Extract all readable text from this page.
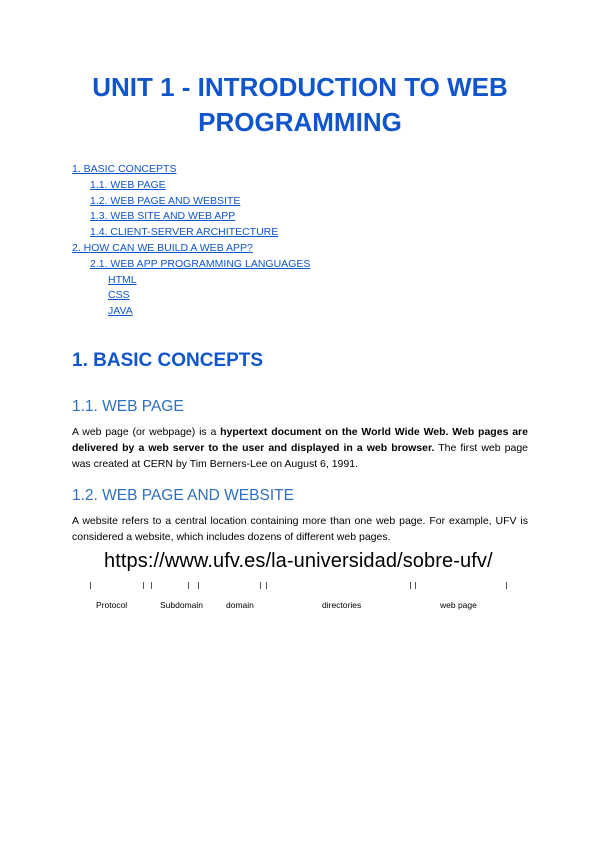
UNIT 1 - INTRODUCTION TO WEB PROGRAMMING
1. BASIC CONCEPTS
1.1. WEB PAGE
1.2. WEB PAGE AND WEBSITE
1.3. WEB SITE AND WEB APP
1.4. CLIENT-SERVER ARCHITECTURE
2. HOW CAN WE BUILD A WEB APP?
2.1. WEB APP PROGRAMMING LANGUAGES
HTML
CSS
JAVA
1. BASIC CONCEPTS
1.1. WEB PAGE

A web page (or webpage) is a hypertext document on the World Wide Web. Web pages are delivered by a web server to the user and displayed in a web browser. The first web page was created at CERN by Tim Berners-Lee on August 6, 1991.

1.2. WEB PAGE AND WEBSITE

A website refers to a central location containing more than one web page. For example, UFV is considered a website, which includes dozens of different web pages.

https://www.ufv.es/la-universidad/sobre-ufv/
Protocol	Subdomain	domain	directories	web page
